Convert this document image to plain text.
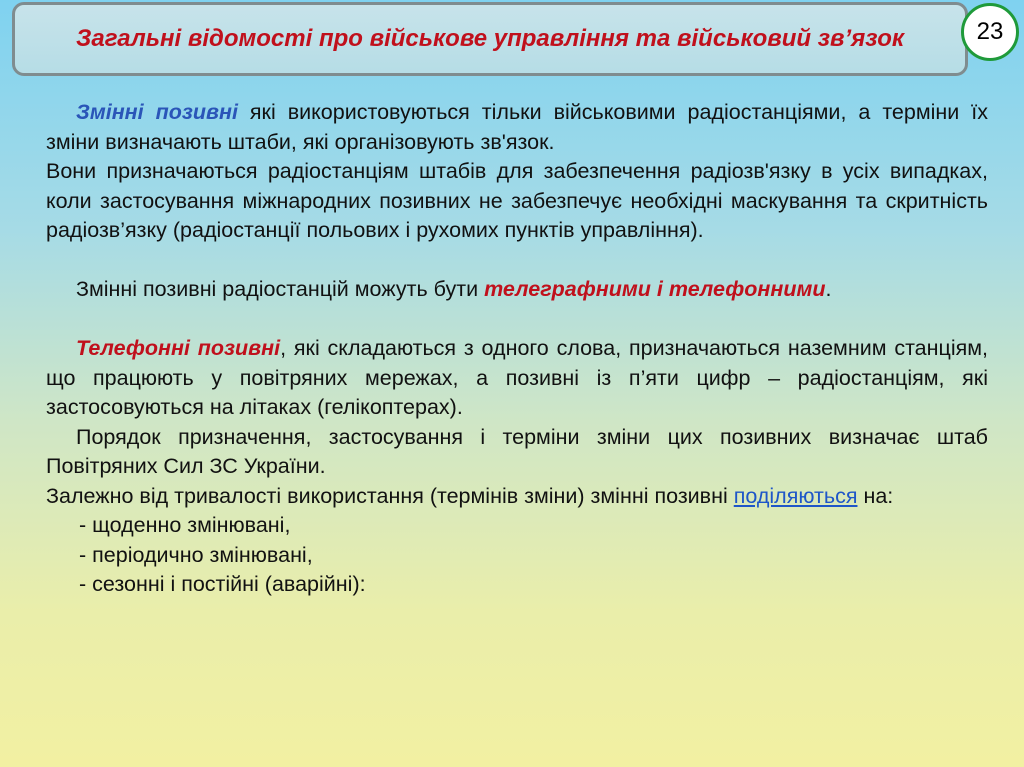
Загальні відомості про військове управління та військовий зв’язок	23

Змінні позивні які використовуються тільки військовими радіостанціями, а терміни їх зміни визначають штаби, які організовують зв'язок.

Вони призначаються радіостанціям штабів для забезпечення радіозв'язку в усіх випадках, коли застосування міжнародних позивних не забезпечує необхідні маскування та скритність радіозв’язку (радіостанції польових і рухомих пунктів управління).

Змінні позивні радіостанцій можуть бути телеграфними і телефонними.

Телефонні позивні, які складаються з одного слова, призначаються наземним станціям, що працюють у повітряних мережах, а позивні із п’яти цифр – радіостанціям, які застосовуються на літаках (гелікоптерах).

Порядок призначення, застосування і терміни зміни цих позивних визначає штаб Повітряних Сил ЗС України.

Залежно від тривалості використання (термінів зміни) змінні позивні поділяються на:

- щоденно змінювані,

- періодично змінювані,

- сезонні і постійні (аварійні):
